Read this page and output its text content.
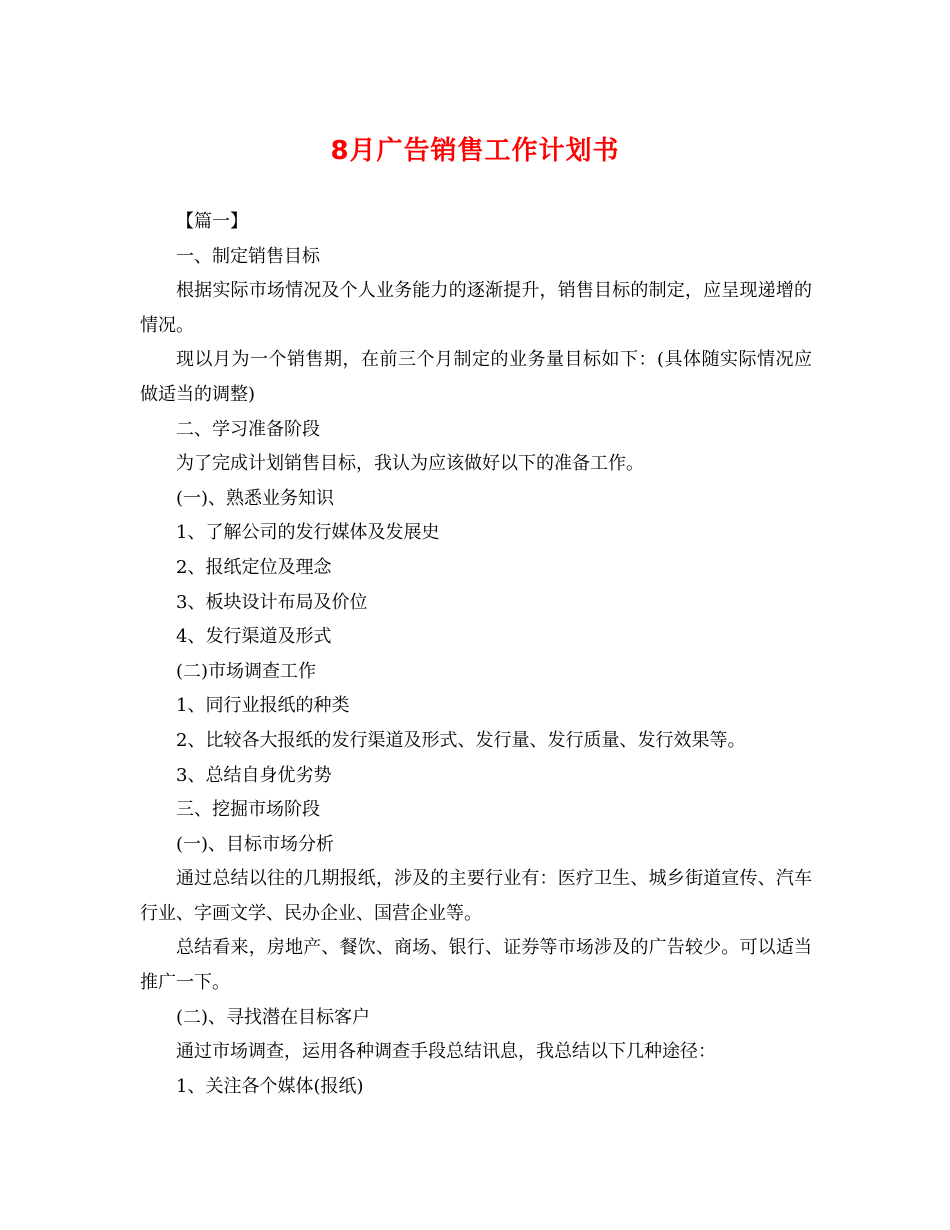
8月广告销售工作计划书

【篇一】

一、制定销售目标

根据实际市场情况及个人业务能力的逐渐提升，销售目标的制定，应呈现递增的情况。

现以月为一个销售期，在前三个月制定的业务量目标如下：(具体随实际情况应做适当的调整)

二、学习准备阶段

为了完成计划销售目标，我认为应该做好以下的准备工作。

(一)、熟悉业务知识

1、了解公司的发行媒体及发展史

2、报纸定位及理念

3、板块设计布局及价位

4、发行渠道及形式

(二)市场调查工作

1、同行业报纸的种类

2、比较各大报纸的发行渠道及形式、发行量、发行质量、发行效果等。

3、总结自身优劣势

三、挖掘市场阶段

(一)、目标市场分析

通过总结以往的几期报纸，涉及的主要行业有：医疗卫生、城乡街道宣传、汽车行业、字画文学、民办企业、国营企业等。

总结看来，房地产、餐饮、商场、银行、证券等市场涉及的广告较少。可以适当推广一下。

(二)、寻找潜在目标客户

通过市场调查，运用各种调查手段总结讯息，我总结以下几种途径：

1、关注各个媒体(报纸)
